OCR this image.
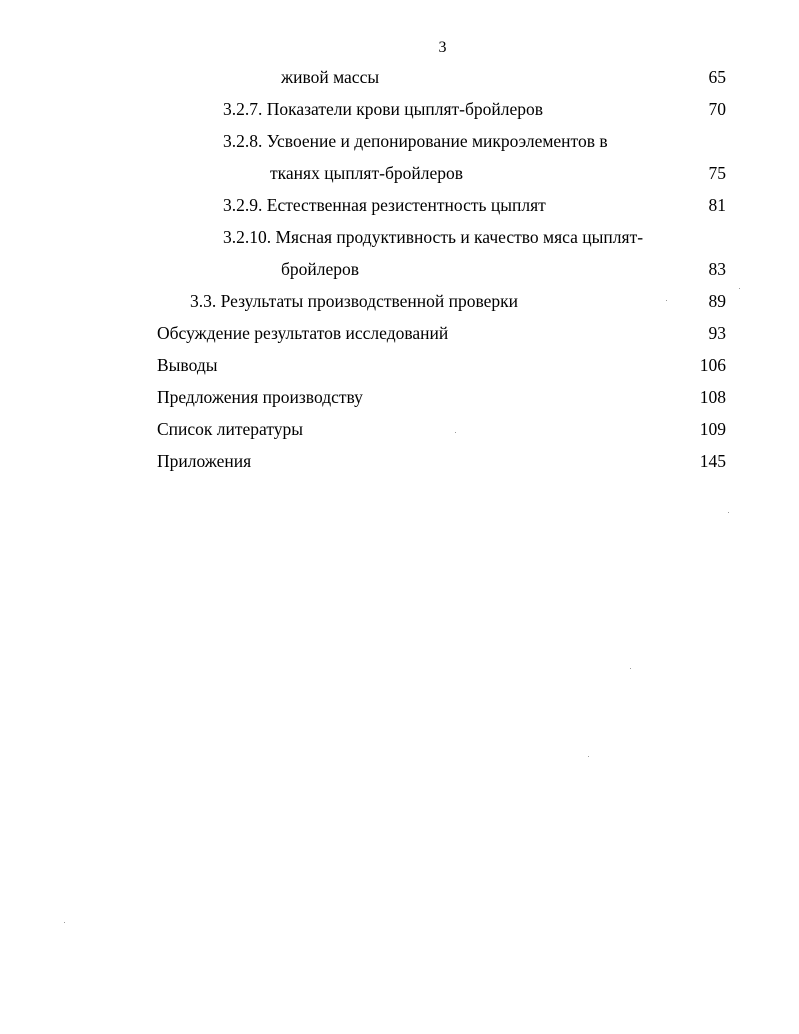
3
живой массы	65
3.2.7. Показатели крови цыплят-бройлеров	70
3.2.8. Усвоение и депонирование микроэлементов в
тканях цыплят-бройлеров	75
3.2.9. Естественная резистентность цыплят	81
3.2.10. Мясная продуктивность и качество мяса цыплят-
бройлеров	83
3.3. Результаты производственной проверки	89
Обсуждение результатов исследований	93
Выводы	106
Предложения производству	108
Список литературы	109
Приложения	145
